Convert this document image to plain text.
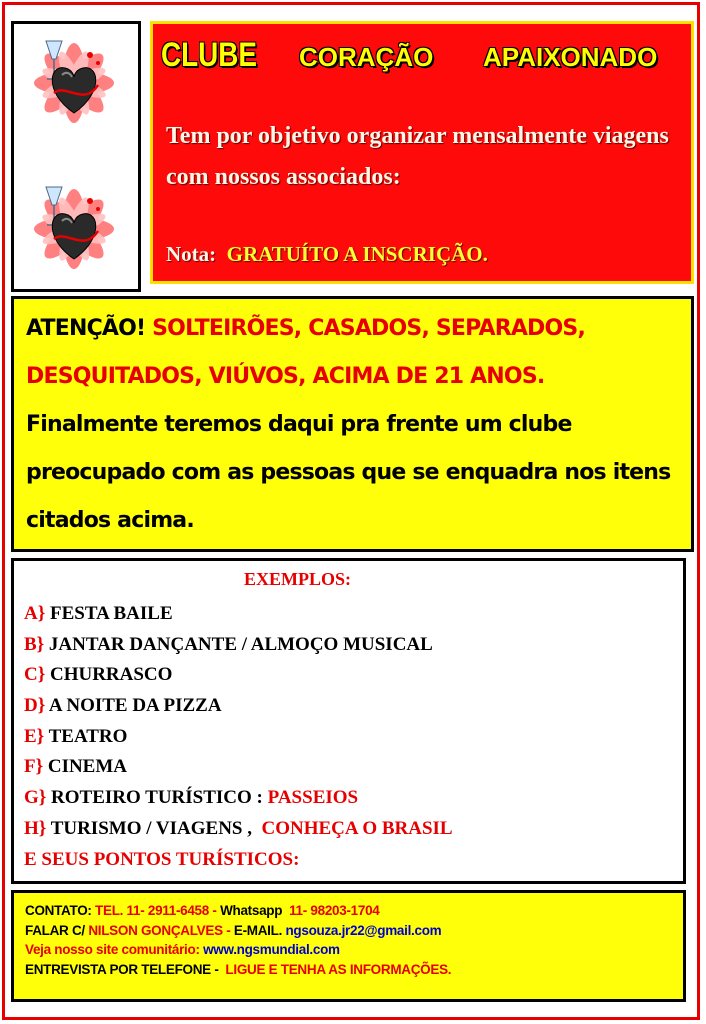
CLUBE CORAÇÃO APAIXONADO
Tem por objetivo organizar mensalmente viagens com nossos associados:
Nota: GRATUÍTO A INSCRIÇÃO.
ATENÇÃO! SOLTEIRÕES, CASADOS, SEPARADOS, DESQUITADOS, VIÚVOS, ACIMA DE 21 ANOS.  Finalmente teremos daqui pra frente um clube preocupado com as pessoas que se enquadra nos itens citados acima.
EXEMPLOS:
A} FESTA BAILE
B} JANTAR DANÇANTE / ALMOÇO MUSICAL
C} CHURRASCO
D} A NOITE DA PIZZA
E} TEATRO
F} CINEMA
G} ROTEIRO TURÍSTICO : PASSEIOS
H} TURISMO / VIAGENS , CONHEÇA O BRASIL
E SEUS PONTOS TURÍSTICOS:
CONTATO: TEL. 11- 2911-6458 - Whatsapp 11- 98203-1704
FALAR C/ NILSON GONÇALVES - E-MAIL. ngsouza.jr22@gmail.com
Veja nosso site comunitário: www.ngsmundial.com
ENTREVISTA POR TELEFONE - LIGUE E TENHA AS INFORMAÇÕES.
